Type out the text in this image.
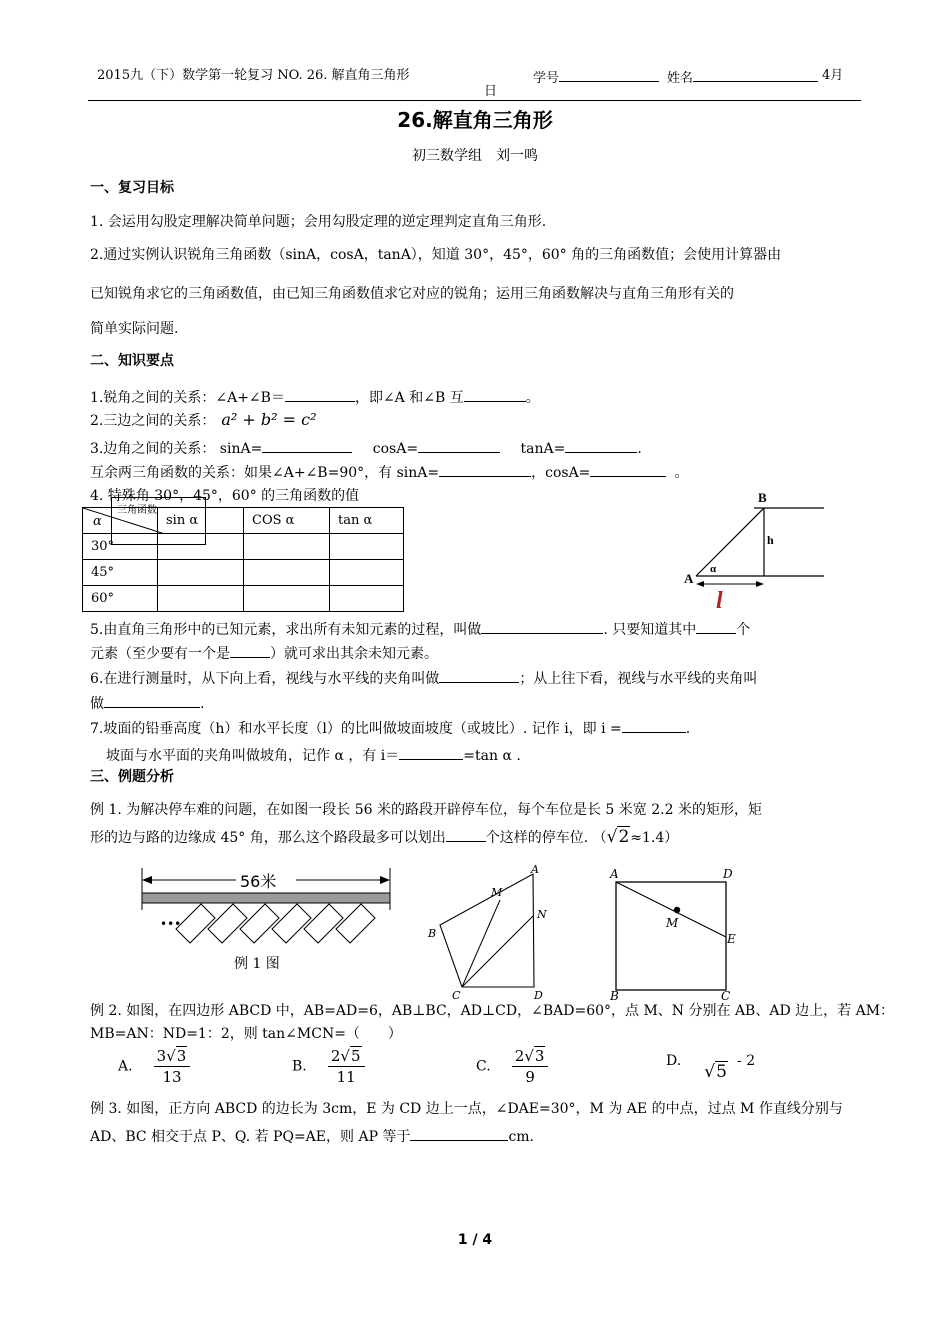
2015九（下）数学第一轮复习 NO. 26. 解直角三角形	学号	姓名	4月
日
26.解直角三角形
初三数学组　刘一鸣
一、复习目标
1. 会运用勾股定理解决简单问题；会用勾股定理的逆定理判定直角三角形.
2.通过实例认识锐角三角函数（sinA，cosA，tanA），知道 30°，45°，60° 角的三角函数值；会使用计算器由
已知锐角求它的三角函数值，由已知三角函数值求它对应的锐角；运用三角函数解决与直角三角形有关的
简单实际问题.
二、知识要点
1.锐角之间的关系：∠A+∠B＝	，即∠A 和∠B 互	。
2.三边之间的关系： a² + b² = c²
3.边角之间的关系： sinA=	cosA=	tanA=	.
互余两三角函数的关系：如果∠A+∠B=90°，有 sinA=	，cosA=	。
4. 特殊角 30°，45°，60° 的三角函数的值
三角函数
α	sin α	COS α	tan α
30°			
45°			
60°			
B
A
h
α
l
5.由直角三角形中的已知元素，求出所有未知元素的过程，叫做	. 只要知道其中	个
元素（至少要有一个是	）就可求出其余未知元素。
6.在进行测量时，从下向上看，视线与水平线的夹角叫做	；从上往下看，视线与水平线的夹角叫
做	.
7.坡面的铅垂高度（h）和水平长度（l）的比叫做坡面坡度（或坡比）. 记作 i，即 i =	.
坡面与水平面的夹角叫做坡角，记作 α ，有 i＝	=tan α .
三、例题分析
例 1. 为解决停车难的问题，在如图一段长 56 米的路段开辟停车位，每个车位是长 5 米宽 2.2 米的矩形，矩
形的边与路的边缘成 45° 角，那么这个路段最多可以划出	个这样的停车位. （√2≈1.4）
56米
•••
例 1 图
A
M
N
B
C	D
A	D
M
E
B	C
例 2. 如图，在四边形 ABCD 中，AB=AD=6，AB⊥BC，AD⊥CD，∠BAD=60°，点 M、N 分别在 AB、AD 边上，若 AM：
MB=AN：ND=1：2，则 tan∠MCN=（　　）
A. $\frac{3√3}{13}$	B. $\frac{2√5}{11}$	C. $\frac{2√3}{9}$	D. √5 - 2
例 3. 如图，正方向 ABCD 的边长为 3cm，E 为 CD 边上一点，∠DAE=30°，M 为 AE 的中点，过点 M 作直线分别与
AD、BC 相交于点 P、Q. 若 PQ=AE，则 AP 等于	cm.
1 / 4
